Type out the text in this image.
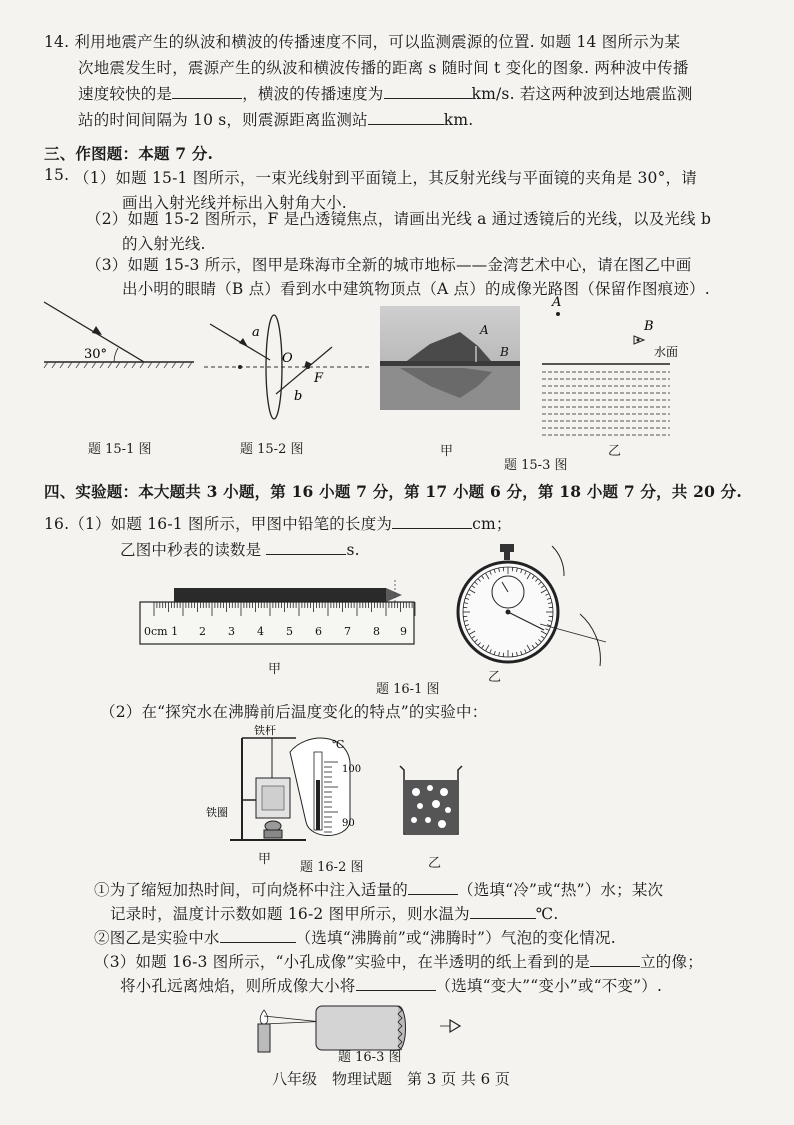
14. 利用地震产生的纵波和横波的传播速度不同，可以监测震源的位置. 如题 14 图所示为某
次地震发生时，震源产生的纵波和横波传播的距离 s 随时间 t 变化的图象. 两种波中传播
速度较快的是	，横波的传播速度为	km/s. 若这两种波到达地震监测
站的时间间隔为 10 s，则震源距离监测站	km.
三、作图题：本题 7 分.
15. （1）如题 15-1 图所示，一束光线射到平面镜上，其反射光线与平面镜的夹角是 30°，请
画出入射光线并标出入射角大小.
（2）如题 15-2 图所示，F 是凸透镜焦点，请画出光线 a 通过透镜后的光线，以及光线 b
的入射光线.
（3）如题 15-3 所示，图甲是珠海市全新的城市地标——金湾艺术中心，请在图乙中画
出小明的眼睛（B 点）看到水中建筑物顶点（A 点）的成像光路图（保留作图痕迹）.
30°
题 15-1 图
a
O
F
b
题 15-2 图
A
B
甲
A
B
水面
题 15-3 图
乙
四、实验题：本大题共 3 小题，第 16 小题 7 分，第 17 小题 6 分，第 18 小题 7 分，共 20 分.
16.（1）如题 16-1 图所示，甲图中铅笔的长度为	cm；
乙图中秒表的读数是	s.
0cm 1 2 3 4 5 6 7 8 9
甲
乙
题 16-1 图
（2）在“探究水在沸腾前后温度变化的特点”的实验中：
铁杆
铁圈
℃
100
90
甲
题 16-2 图	乙
①为了缩短加热时间，可向烧杯中注入适量的	（选填“冷”或“热”）水；某次
记录时，温度计示数如题 16-2 图甲所示，则水温为	℃.
②图乙是实验中水	（选填“沸腾前”或“沸腾时”）气泡的变化情况.
（3）如题 16-3 图所示，“小孔成像”实验中，在半透明的纸上看到的是	立的像；
将小孔远离烛焰，则所成像大小将	（选填“变大”“变小”或“不变”）.
题 16-3 图
八年级　物理试题　第 3 页 共 6 页
